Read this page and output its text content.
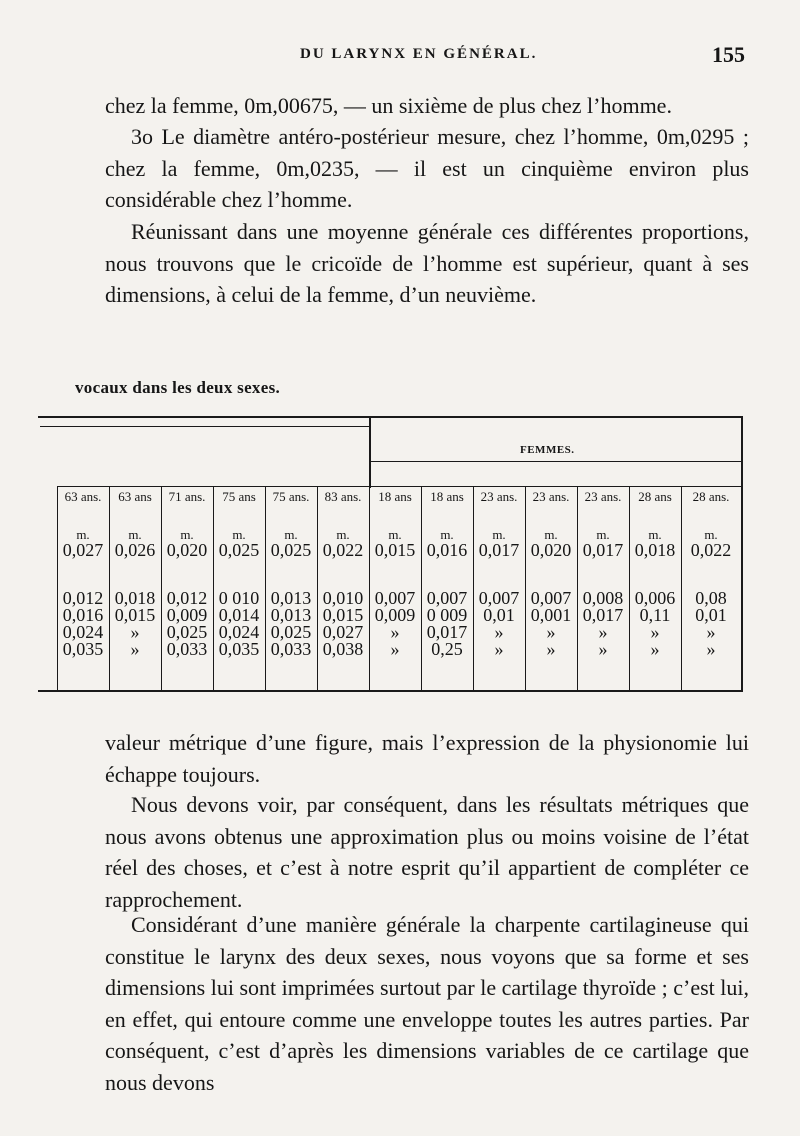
DU LARYNX EN GÉNÉRAL.	155

chez la femme, 0m,00675, — un sixième de plus chez l’homme.

3o Le diamètre antéro-postérieur mesure, chez l’homme, 0m,0295 ; chez la femme, 0m,0235, — il est un cinquième environ plus considérable chez l’homme.

Réunissant dans une moyenne générale ces différentes proportions, nous trouvons que le cricoïde de l’homme est supérieur, quant à ses dimensions, à celui de la femme, d’un neuvième.

vocaux dans les deux sexes.
FEMMES.
63 ans.
m.
0,027
0,012
0,016
0,024
0,035
63 ans
m.
0,026
0,018
0,015
»
»
71 ans.
m.
0,020
0,012
0,009
0,025
0,033
75 ans
m.
0,025
0 010
0,014
0,024
0,035
75 ans.
m.
0,025
0,013
0,013
0,025
0,033
83 ans.
m.
0,022
0,010
0,015
0,027
0,038
18 ans
m.
0,015
0,007
0,009
»
»
18 ans
m.
0,016
0,007
0 009
0,017
0,25
23 ans.
m.
0,017
0,007
0,01
»
»
23 ans.
m.
0,020
0,007
0,001
»
»
23 ans.
m.
0,017
0,008
0,017
»
»
28 ans
m.
0,018
0,006
0,11
»
»
28 ans.
m.
0,022
0,08
0,01
»
»

valeur métrique d’une figure, mais l’expression de la physionomie lui échappe toujours.

Nous devons voir, par conséquent, dans les résultats métriques que nous avons obtenus une approximation plus ou moins voisine de l’état réel des choses, et c’est à notre esprit qu’il appartient de compléter ce rapprochement.

Considérant d’une manière générale la charpente cartilagineuse qui constitue le larynx des deux sexes, nous voyons que sa forme et ses dimensions lui sont imprimées surtout par le cartilage thyroïde ; c’est lui, en effet, qui entoure comme une enveloppe toutes les autres parties. Par conséquent, c’est d’après les dimensions variables de ce cartilage que nous devons
